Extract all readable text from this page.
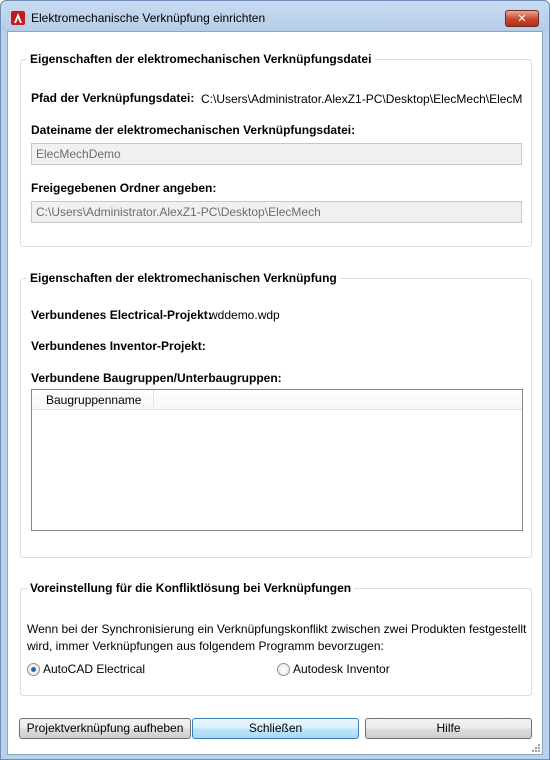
Elektromechanische Verknüpfung einrichten	✕
Eigenschaften der elektromechanischen Verknüpfungsdatei
Pfad der Verknüpfungsdatei: C:\Users\Administrator.AlexZ1-PC\Desktop\ElecMech\ElecM
Dateiname der elektromechanischen Verknüpfungsdatei:
ElecMechDemo
Freigegebenen Ordner angeben:
C:\Users\Administrator.AlexZ1-PC\Desktop\ElecMech
Eigenschaften der elektromechanischen Verknüpfung
Verbundenes Electrical-Projekt:
wddemo.wdp
Verbundenes Inventor-Projekt:
Verbundene Baugruppen/Unterbaugruppen:
Baugruppenname
Voreinstellung für die Konfliktlösung bei Verknüpfungen
Wenn bei der Synchronisierung ein Verknüpfungskonflikt zwischen zwei Produkten festgestellt wird, immer Verknüpfungen aus folgendem Programm bevorzugen:
AutoCAD Electrical	Autodesk Inventor
Projektverknüpfung aufheben	Schließen	Hilfe
